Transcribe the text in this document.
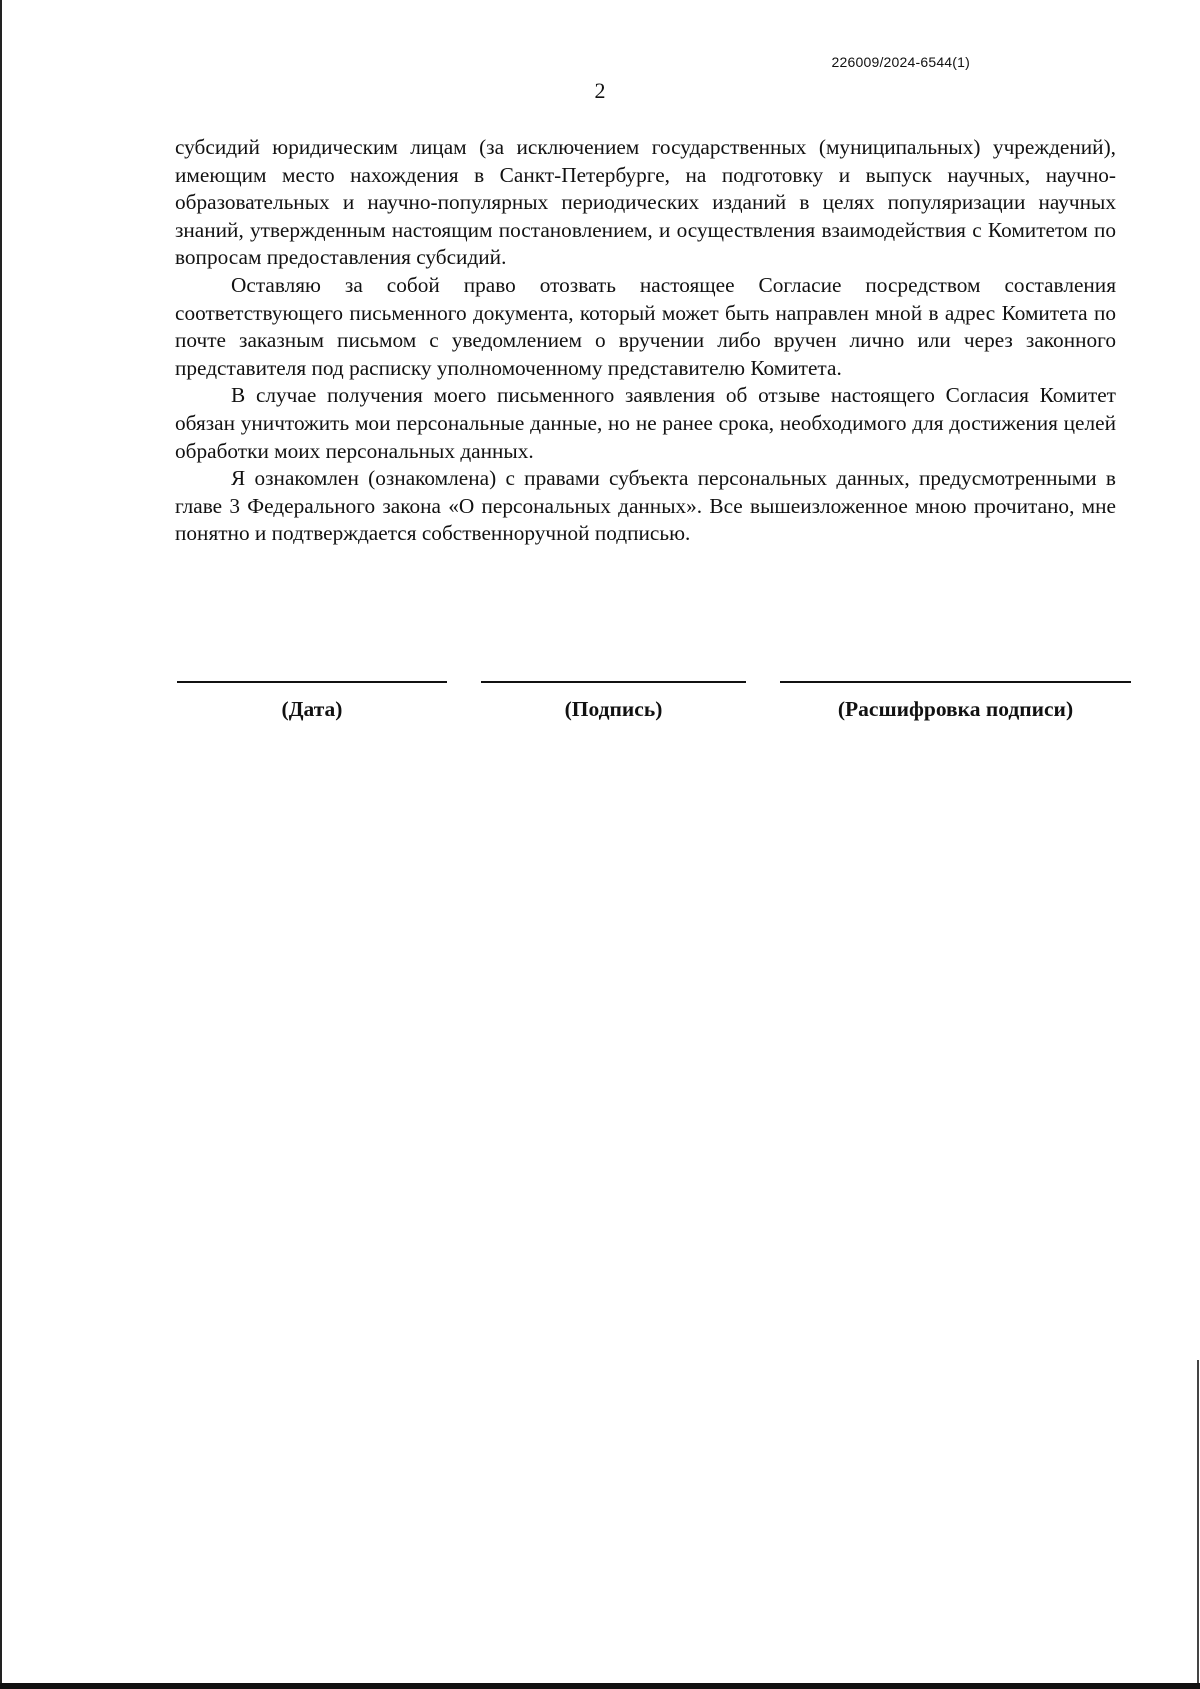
226009/2024-6544(1)
2

субсидий юридическим лицам (за исключением государственных (муниципальных) учреждений), имеющим место нахождения в Санкт-Петербурге, на подготовку и выпуск научных, научно-образовательных и научно-популярных периодических изданий в целях популяризации научных знаний, утвержденным настоящим постановлением, и осуществления взаимодействия с Комитетом по вопросам предоставления субсидий.

Оставляю за собой право отозвать настоящее Согласие посредством составления соответствующего письменного документа, который может быть направлен мной в адрес Комитета по почте заказным письмом с уведомлением о вручении либо вручен лично или через законного представителя под расписку уполномоченному представителю Комитета.

В случае получения моего письменного заявления об отзыве настоящего Согласия Комитет обязан уничтожить мои персональные данные, но не ранее срока, необходимого для достижения целей обработки моих персональных данных.

Я ознакомлен (ознакомлена) с правами субъекта персональных данных, предусмотренными в главе 3 Федерального закона «О персональных данных». Все вышеизложенное мною прочитано, мне понятно и подтверждается собственноручной подписью.

(Дата)	(Подпись)	(Расшифровка подписи)
